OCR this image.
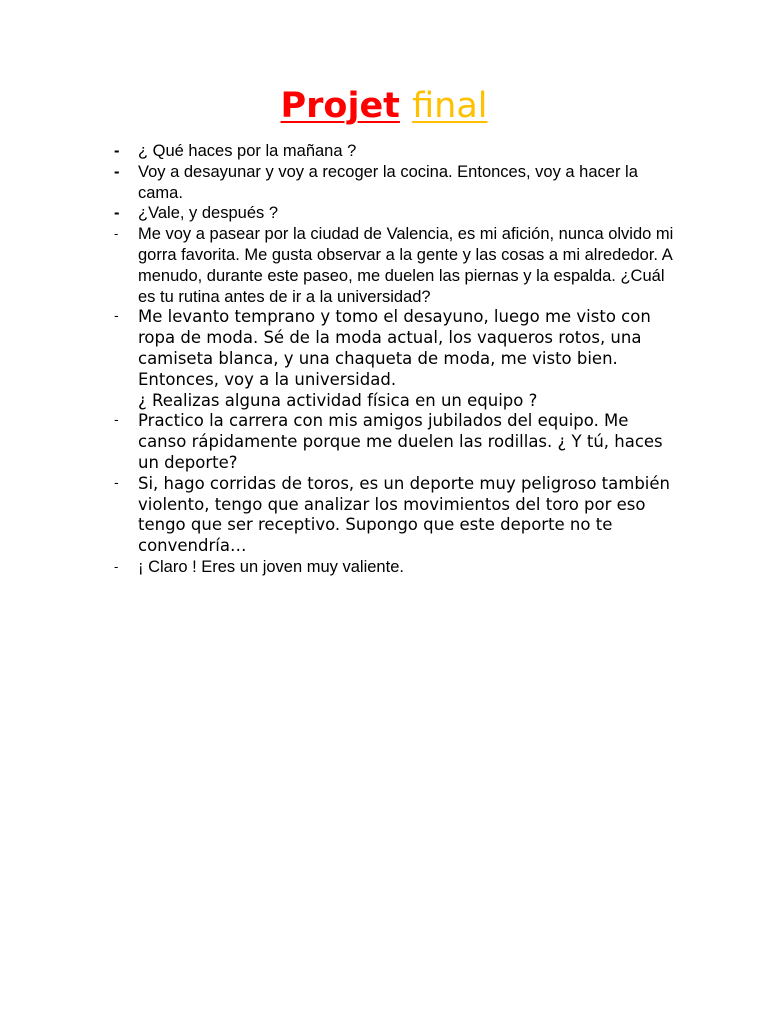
Projet final
- ¿ Qué haces por la mañana ?
- Voy a desayunar y voy a recoger la cocina. Entonces, voy a hacer la cama.
- ¿Vale, y después ?
- Me voy a pasear por la ciudad de Valencia, es mi afición, nunca olvido mi gorra favorita. Me gusta observar a la gente y las cosas a mi alrededor. A menudo, durante este paseo, me duelen las piernas y la espalda. ¿Cuál es tu rutina antes de ir a la universidad?
- Me levanto temprano y tomo el desayuno, luego me visto con ropa de moda. Sé de la moda actual, los vaqueros rotos, una camiseta blanca, y una chaqueta de moda, me visto bien. Entonces, voy a la universidad.
¿ Realizas alguna actividad física en un equipo ?
- Practico la carrera con mis amigos jubilados del equipo. Me canso rápidamente porque me duelen las rodillas. ¿ Y tú, haces un deporte?
- Si, hago corridas de toros, es un deporte muy peligroso también violento, tengo que analizar los movimientos del toro por eso tengo que ser receptivo. Supongo que este deporte no te convendría…
- ¡ Claro ! Eres un joven muy valiente.
